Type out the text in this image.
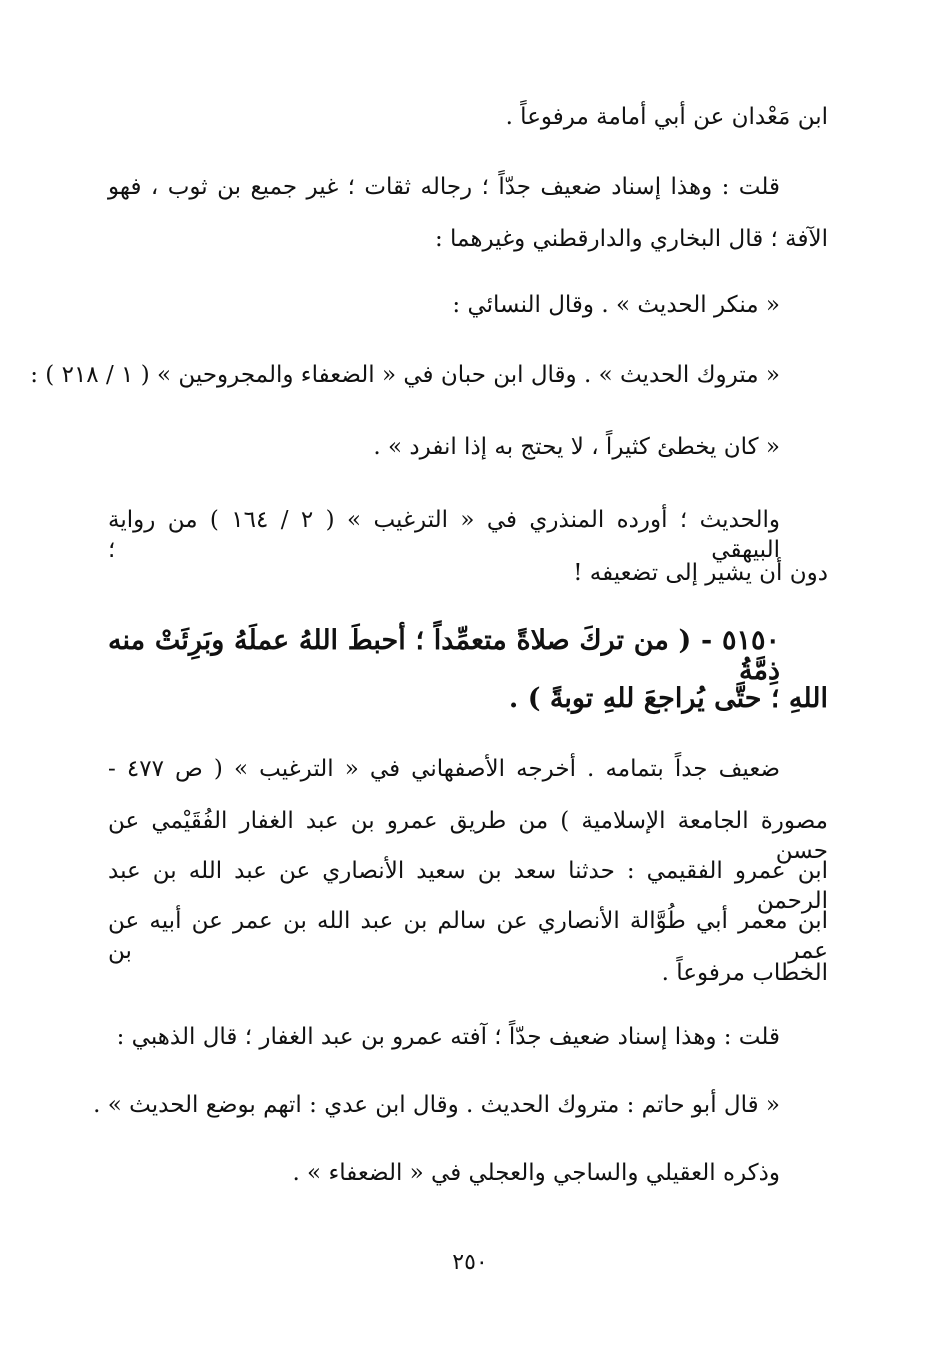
ابن مَعْدان عن أبي أمامة مرفوعاً .
قلت : وهذا إسناد ضعيف جدّاً ؛ رجاله ثقات ؛ غير جميع بن ثوب ، فهو
الآفة ؛ قال البخاري والدارقطني وغيرهما :
« منكر الحديث » . وقال النسائي :
« متروك الحديث » . وقال ابن حبان في « الضعفاء والمجروحين » ( ١ / ٢١٨ ) :
« كان يخطئ كثيراً ، لا يحتج به إذا انفرد » .
والحديث ؛ أورده المنذري في « الترغيب » ( ٢ / ١٦٤ ) من رواية البيهقي ؛
دون أن يشير إلى تضعيفه !
٥١٥٠ - ( من تركَ صلاةً متعمِّداً ؛ أحبطَ اللهُ عملَهُ وبَرِئَتْ منه ذِمَّةُ
اللهِ ؛ حتَّى يُراجعَ للهِ توبةً ) .
ضعيف جداً بتمامه . أخرجه الأصفهاني في « الترغيب » ( ص ٤٧٧ -
مصورة الجامعة الإسلامية ) من طريق عمرو بن عبد الغفار الفُقَيْمي عن حسن
ابن عمرو الفقيمي : حدثنا سعد بن سعيد الأنصاري عن عبد الله بن عبد الرحمن
ابن معمر أبي طُوَّالة الأنصاري عن سالم بن عبد الله بن عمر عن أبيه عن عمر بن
الخطاب مرفوعاً .
قلت : وهذا إسناد ضعيف جدّاً ؛ آفته عمرو بن عبد الغفار ؛ قال الذهبي :
« قال أبو حاتم : متروك الحديث . وقال ابن عدي : اتهم بوضع الحديث » .
وذكره العقيلي والساجي والعجلي في « الضعفاء » .
٢٥٠
